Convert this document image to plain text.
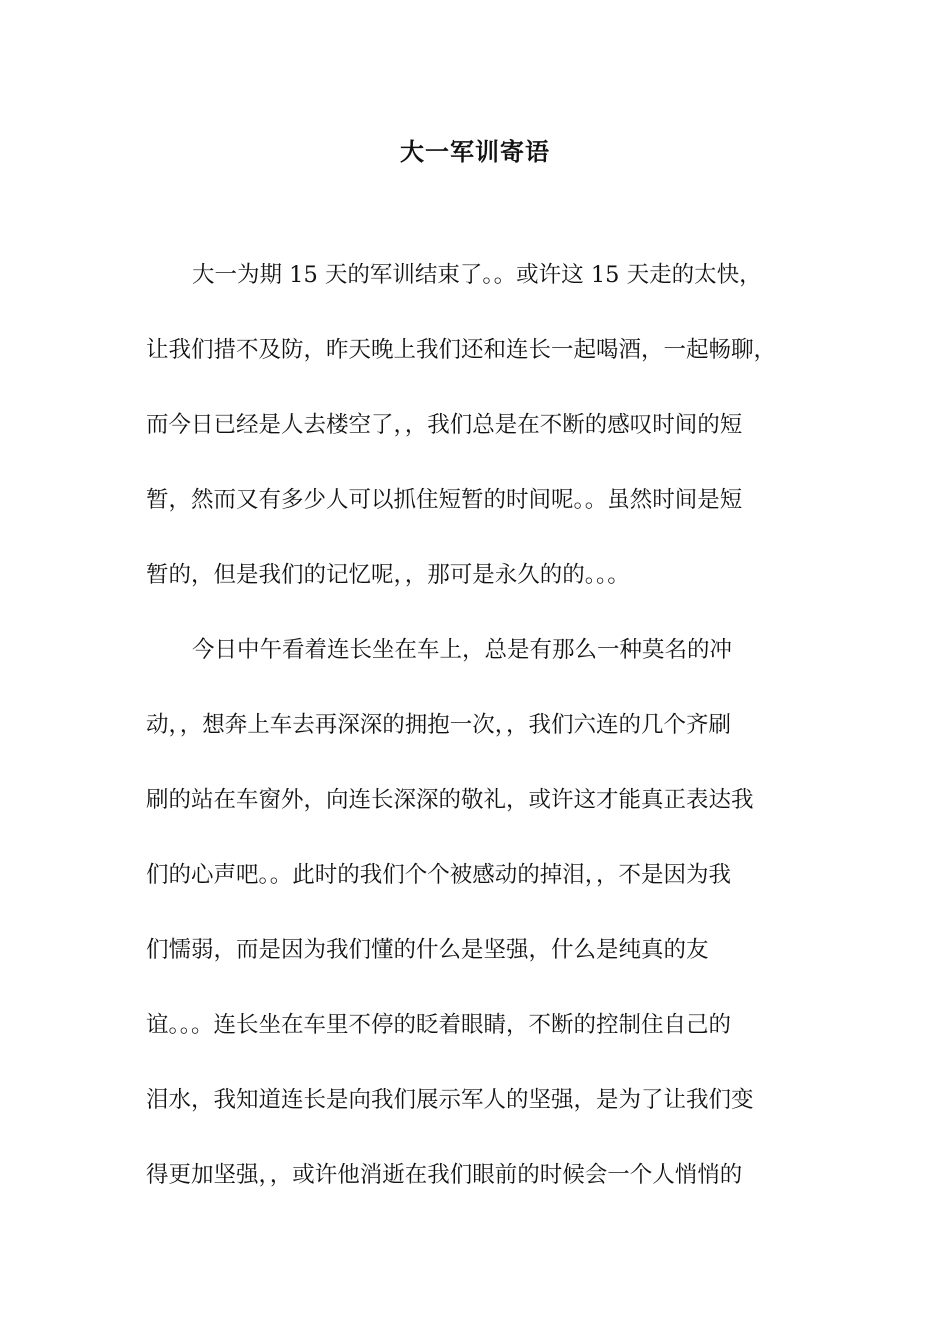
大一军训寄语
大一为期 15 天的军训结束了。。或许这 15 天走的太快，
让我们措不及防，昨天晚上我们还和连长一起喝酒，一起畅聊，
而今日已经是人去楼空了，，我们总是在不断的感叹时间的短
暂，然而又有多少人可以抓住短暂的时间呢。。虽然时间是短
暂的，但是我们的记忆呢，，那可是永久的的。。。
今日中午看着连长坐在车上，总是有那么一种莫名的冲
动，，想奔上车去再深深的拥抱一次，，我们六连的几个齐刷
刷的站在车窗外，向连长深深的敬礼，或许这才能真正表达我
们的心声吧。。此时的我们个个被感动的掉泪，，不是因为我
们懦弱，而是因为我们懂的什么是坚强，什么是纯真的友
谊。。。连长坐在车里不停的眨着眼睛，不断的控制住自己的
泪水，我知道连长是向我们展示军人的坚强，是为了让我们变
得更加坚强，，或许他消逝在我们眼前的时候会一个人悄悄的
